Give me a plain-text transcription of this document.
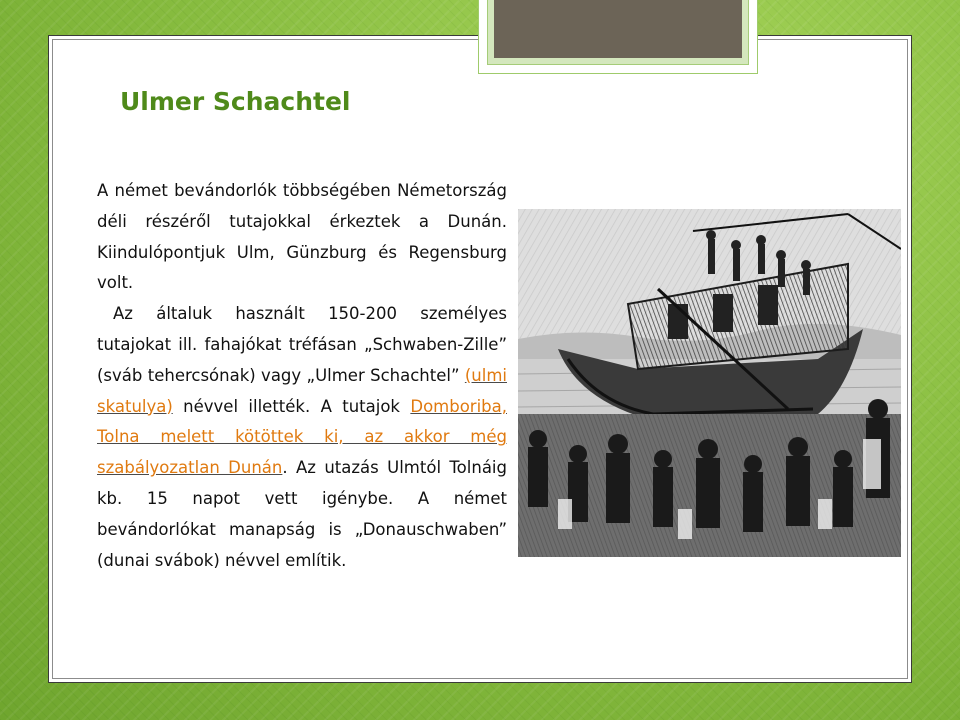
Ulmer Schachtel

A német bevándorlók többségében Németország déli részéről tutajokkal érkeztek a Dunán. Kiindulópontjuk Ulm, Günzburg és Regensburg volt.
Az általuk használt 150-200 személyes tutajokat ill. fahajókat tréfásan „Schwaben-Zille” (sváb tehercsónak) vagy „Ulmer Schachtel” (ulmi skatulya) névvel illették. A tutajok Domboriba, Tolna melett kötöttek ki, az akkor még szabályozatlan Dunán. Az utazás Ulmtól Tolnáig kb. 15 napot vett igénybe. A német bevándorlókat manapság is „Donauschwaben” (dunai svábok) névvel említik.
